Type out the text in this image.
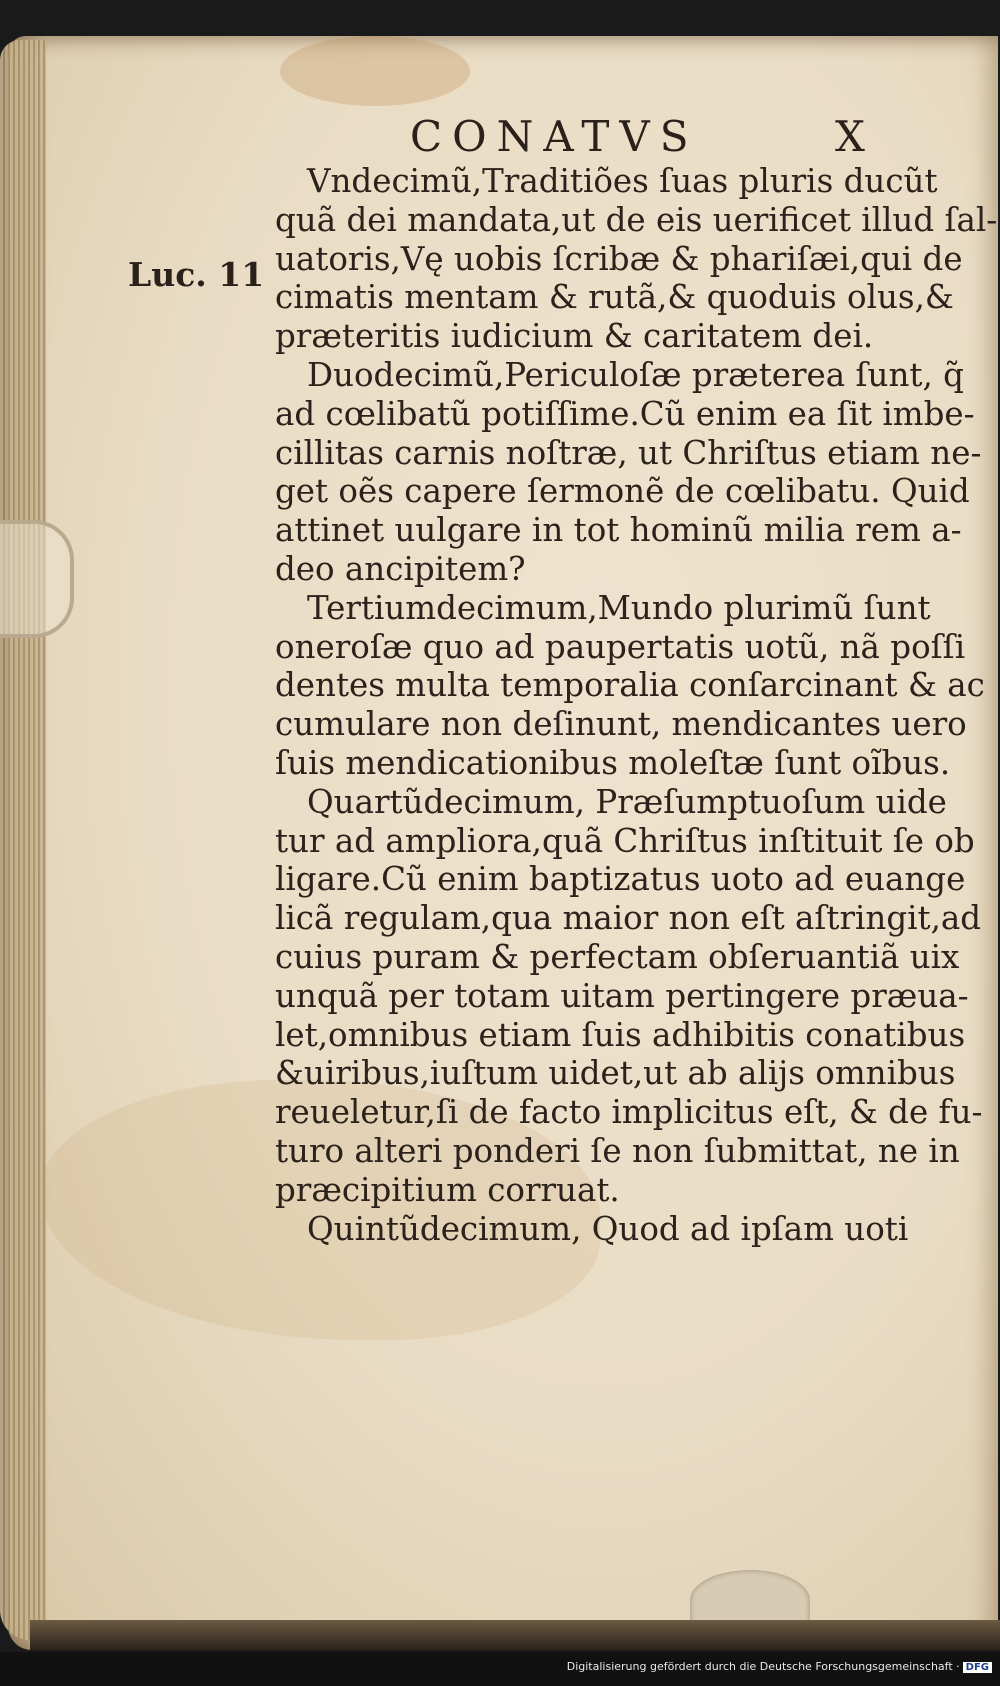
CONATVS	X
Luc. 11
Vndecimũ,Traditiões ſuas pluris ducũt
quã dei mandata,ut de eis uerificet illud ſal-
uatoris,Vę uobis ſcribæ & phariſæi,qui de
cimatis mentam & rutã,& quoduis olus,&
præteritis iudicium & caritatem dei.
Duodecimũ,Periculoſæ præterea ſunt, q̃
ad cœlibatũ potiſſime.Cũ enim ea ſit imbe-
cillitas carnis noſtræ, ut Chriſtus etiam ne-
get oẽs capere ſermonẽ de cœlibatu. Quid
attinet uulgare in tot hominũ milia rem a-
deo ancipitem?
Tertiumdecimum,Mundo plurimũ ſunt
oneroſæ quo ad paupertatis uotũ, nã poſſi
dentes multa temporalia conſarcinant & ac
cumulare non deſinunt, mendicantes uero
ſuis mendicationibus moleſtæ ſunt oĩbus.
Quartũdecimum, Præſumptuoſum uide
tur ad ampliora,quã Chriſtus inſtituit ſe ob
ligare.Cũ enim baptizatus uoto ad euange
licã regulam,qua maior non eſt aſtringit,ad
cuius puram & perfectam obſeruantiã uix
unquã per totam uitam pertingere præua-
let,omnibus etiam ſuis adhibitis conatibus
&uiribus,iuſtum uidet,ut ab alijs omnibus
reueletur,ſi de facto implicitus eſt, & de fu-
turo alteri ponderi ſe non ſubmittat, ne in
præcipitium corruat.
Quintũdecimum, Quod ad ipſam uoti
Digitalisierung gefördert durch die Deutsche Forschungsgemeinschaft · DFG
